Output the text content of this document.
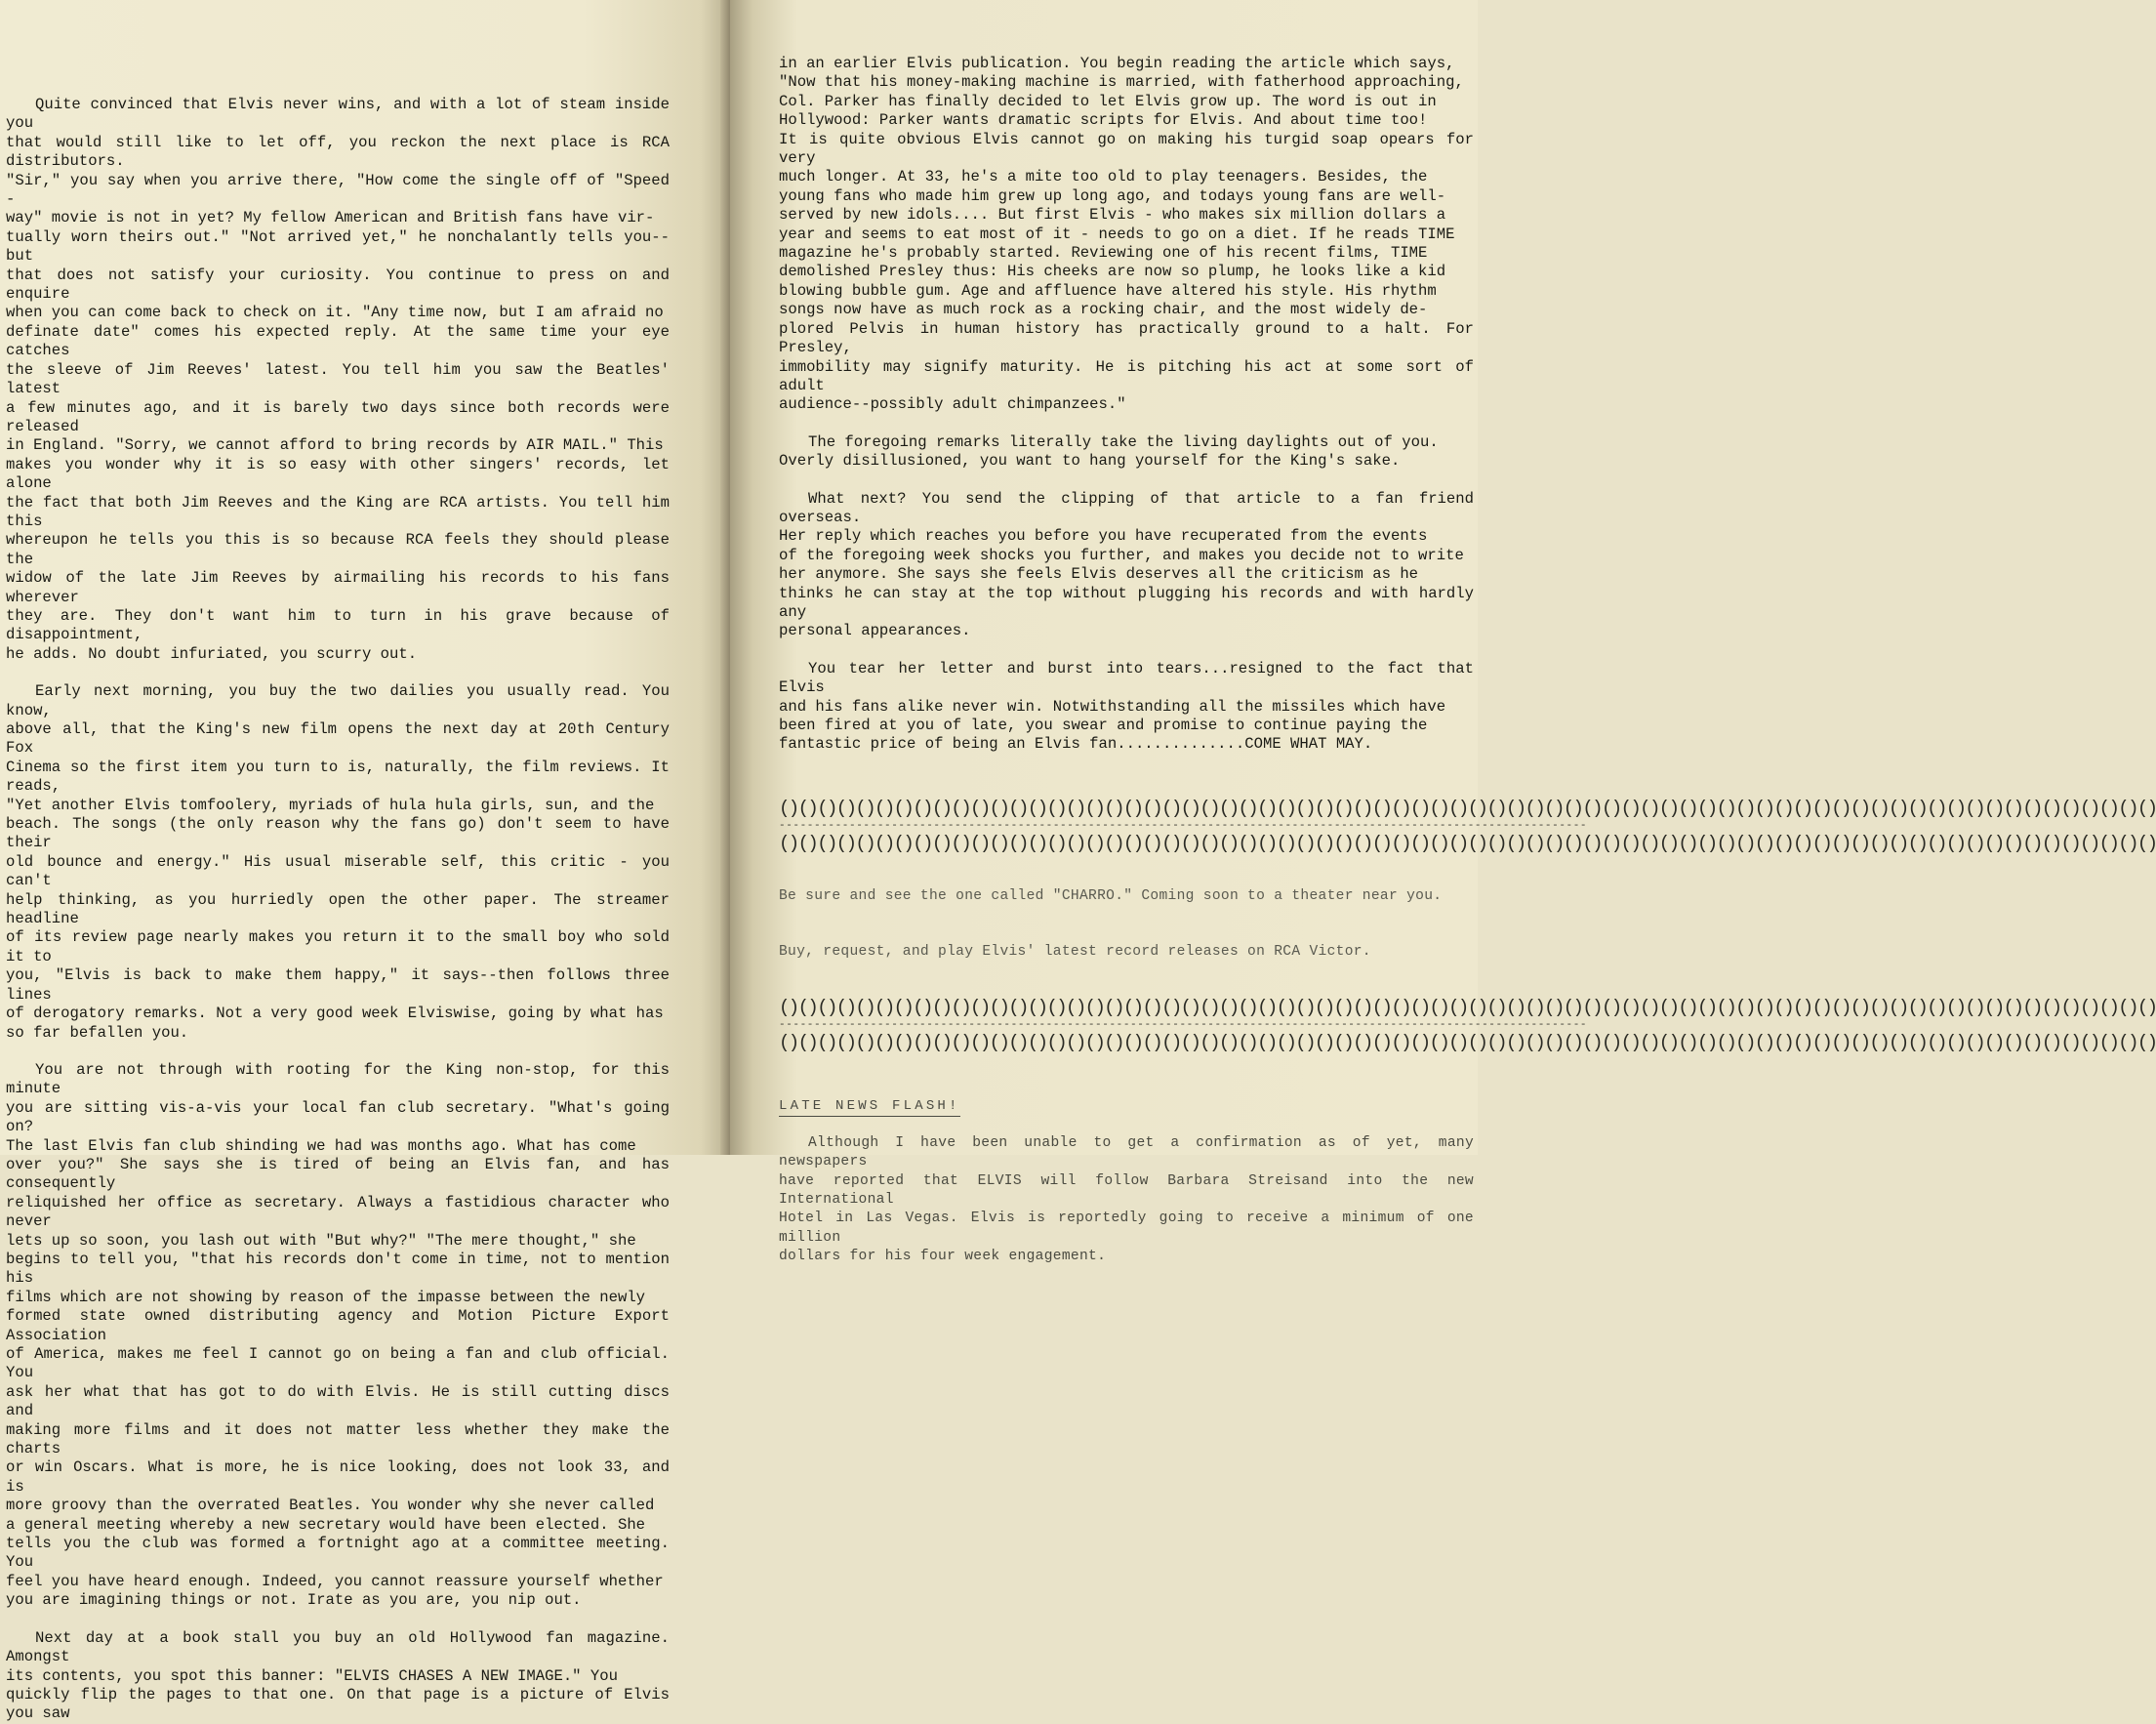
Quite convinced that Elvis never wins, and with a lot of steam inside you
that would still like to let off, you reckon the next place is RCA distributors.
"Sir," you say when you arrive there, "How come the single off of "Speed -
way" movie is not in yet? My fellow American and British fans have vir-
tually worn theirs out." "Not arrived yet," he nonchalantly tells you--but
that does not satisfy your curiosity. You continue to press on and enquire
when you can come back to check on it. "Any time now, but I am afraid no
definate date" comes his expected reply. At the same time your eye catches
the sleeve of Jim Reeves' latest. You tell him you saw the Beatles' latest
a few minutes ago, and it is barely two days since both records were released
in England. "Sorry, we cannot afford to bring records by AIR MAIL." This
makes you wonder why it is so easy with other singers' records, let alone
the fact that both Jim Reeves and the King are RCA artists. You tell him this
whereupon he tells you this is so because RCA feels they should please the
widow of the late Jim Reeves by airmailing his records to his fans wherever
they are. They don't want him to turn in his grave because of disappointment,
he adds. No doubt infuriated, you scurry out.

Early next morning, you buy the two dailies you usually read. You know,
above all, that the King's new film opens the next day at 20th Century Fox
Cinema so the first item you turn to is, naturally, the film reviews. It reads,
"Yet another Elvis tomfoolery, myriads of hula hula girls, sun, and the
beach. The songs (the only reason why the fans go) don't seem to have their
old bounce and energy." His usual miserable self, this critic - you can't
help thinking, as you hurriedly open the other paper. The streamer headline
of its review page nearly makes you return it to the small boy who sold it to
you, "Elvis is back to make them happy," it says--then follows three lines
of derogatory remarks. Not a very good week Elviswise, going by what has
so far befallen you.

You are not through with rooting for the King non-stop, for this minute
you are sitting vis-a-vis your local fan club secretary. "What's going on?
The last Elvis fan club shinding we had was months ago. What has come
over you?" She says she is tired of being an Elvis fan, and has consequently
reliquished her office as secretary. Always a fastidious character who never
lets up so soon, you lash out with "But why?" "The mere thought," she
begins to tell you, "that his records don't come in time, not to mention his
films which are not showing by reason of the impasse between the newly
formed state owned distributing agency and Motion Picture Export Association
of America, makes me feel I cannot go on being a fan and club official. You
ask her what that has got to do with Elvis. He is still cutting discs and
making more films and it does not matter less whether they make the charts
or win Oscars. What is more, he is nice looking, does not look 33, and is
more groovy than the overrated Beatles. You wonder why she never called
a general meeting whereby a new secretary would have been elected. She
tells you the club was formed a fortnight ago at a committee meeting. You
feel you have heard enough. Indeed, you cannot reassure yourself whether
you are imagining things or not. Irate as you are, you nip out.

Next day at a book stall you buy an old Hollywood fan magazine. Amongst
its contents, you spot this banner: "ELVIS CHASES A NEW IMAGE." You
quickly flip the pages to that one. On that page is a picture of Elvis you saw

in an earlier Elvis publication. You begin reading the article which says,
"Now that his money-making machine is married, with fatherhood approaching,
Col. Parker has finally decided to let Elvis grow up. The word is out in
Hollywood: Parker wants dramatic scripts for Elvis. And about time too!
It is quite obvious Elvis cannot go on making his turgid soap opears for very
much longer. At 33, he's a mite too old to play teenagers. Besides, the
young fans who made him grew up long ago, and todays young fans are well-
served by new idols.... But first Elvis - who makes six million dollars a
year and seems to eat most of it - needs to go on a diet. If he reads TIME
magazine he's probably started. Reviewing one of his recent films, TIME
demolished Presley thus: His cheeks are now so plump, he looks like a kid
blowing bubble gum. Age and affluence have altered his style. His rhythm
songs now have as much rock as a rocking chair, and the most widely de-
plored Pelvis in human history has practically ground to a halt. For Presley,
immobility may signify maturity. He is pitching his act at some sort of adult
audience--possibly adult chimpanzees."

The foregoing remarks literally take the living daylights out of you.
Overly disillusioned, you want to hang yourself for the King's sake.

What next? You send the clipping of that article to a fan friend overseas.
Her reply which reaches you before you have recuperated from the events
of the foregoing week shocks you further, and makes you decide not to write
her anymore. She says she feels Elvis deserves all the criticism as he
thinks he can stay at the top without plugging his records and with hardly any
personal appearances.

You tear her letter and burst into tears...resigned to the fact that Elvis
and his fans alike never win. Notwithstanding all the missiles which have
been fired at you of late, you swear and promise to continue paying the
fantastic price of being an Elvis fan..............COME WHAT MAY.

()()()()()()()()()()()()()()()()()()()()()()()()()()()()()()()()()()()()()()()()()()()()()()()()()()()()()()()()()()()()()()()()()()()()()()()()
-------------------------------------------------------------------------------------------------------------------
()()()()()()()()()()()()()()()()()()()()()()()()()()()()()()()()()()()()()()()()()()()()()()()()()()()()()()()()()()()()()()()()()()()()()()()()

Be sure and see the one called "CHARRO." Coming soon to a theater near you.

Buy, request, and play Elvis' latest record releases on RCA Victor.

()()()()()()()()()()()()()()()()()()()()()()()()()()()()()()()()()()()()()()()()()()()()()()()()()()()()()()()()()()()()()()()()()()()()()()()()
-------------------------------------------------------------------------------------------------------------------
()()()()()()()()()()()()()()()()()()()()()()()()()()()()()()()()()()()()()()()()()()()()()()()()()()()()()()()()()()()()()()()()()()()()()()()()
LATE NEWS FLASH!

Although I have been unable to get a confirmation as of yet, many newspapers
have reported that ELVIS will follow Barbara Streisand into the new International
Hotel in Las Vegas. Elvis is reportedly going to receive a minimum of one million
dollars for his four week engagement.
